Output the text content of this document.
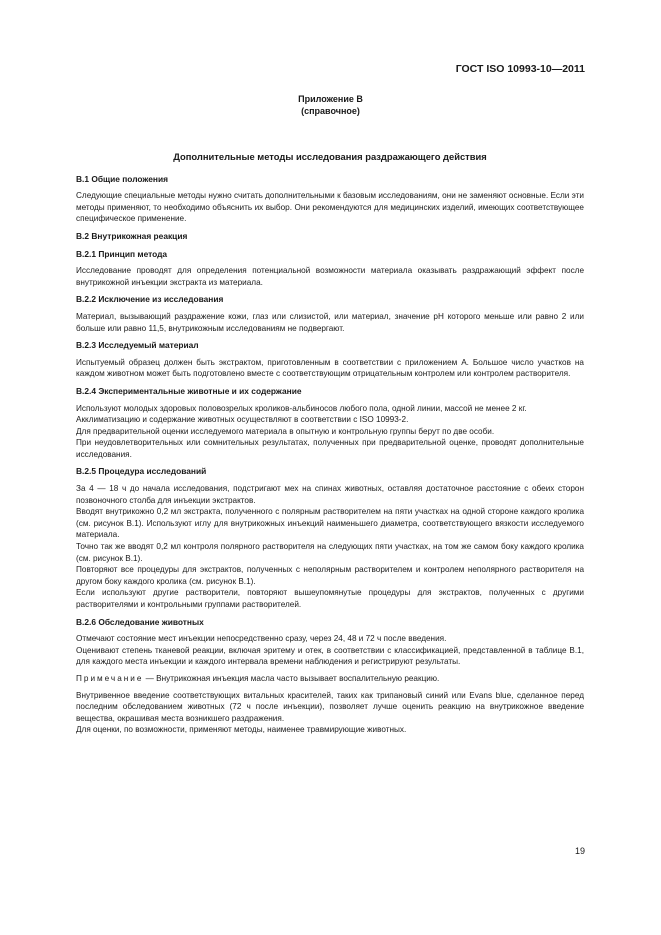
ГОСТ ISO 10993-10—2011
Приложение В
(справочное)
Дополнительные методы исследования раздражающего действия
В.1 Общие положения

Следующие специальные методы нужно считать дополнительными к базовым исследованиям, они не заменяют основные. Если эти методы применяют, то необходимо объяснить их выбор. Они рекомендуются для медицинских изделий, имеющих соответствующее специфическое применение.

В.2 Внутрикожная реакция
В.2.1 Принцип метода

Исследование проводят для определения потенциальной возможности материала оказывать раздражающий эффект после внутрикожной инъекции экстракта из материала.

В.2.2 Исключение из исследования

Материал, вызывающий раздражение кожи, глаз или слизистой, или материал, значение pH которого меньше или равно 2 или больше или равно 11,5, внутрикожным исследованиям не подвергают.

В.2.3 Исследуемый материал

Испытуемый образец должен быть экстрактом, приготовленным в соответствии с приложением А. Большое число участков на каждом животном может быть подготовлено вместе с соответствующим отрицательным контролем или контролем растворителя.

В.2.4 Экспериментальные животные и их содержание

Используют молодых здоровых половозрелых кроликов-альбиносов любого пола, одной линии, массой не менее 2 кг.

Акклиматизацию и содержание животных осуществляют в соответствии с ISO 10993-2.

Для предварительной оценки исследуемого материала в опытную и контрольную группы берут по две особи.

При неудовлетворительных или сомнительных результатах, полученных при предварительной оценке, проводят дополнительные исследования.

В.2.5 Процедура исследований

За 4 — 18 ч до начала исследования, подстригают мех на спинах животных, оставляя достаточное расстояние с обеих сторон позвоночного столба для инъекции экстрактов.

Вводят внутрикожно 0,2 мл экстракта, полученного с полярным растворителем на пяти участках на одной стороне каждого кролика (см. рисунок В.1). Используют иглу для внутрикожных инъекций наименьшего диаметра, соответствующего вязкости исследуемого материала.

Точно так же вводят 0,2 мл контроля полярного растворителя на следующих пяти участках, на том же самом боку каждого кролика (см. рисунок В.1).

Повторяют все процедуры для экстрактов, полученных с неполярным растворителем и контролем неполярного растворителя на другом боку каждого кролика (см. рисунок В.1).

Если используют другие растворители, повторяют вышеупомянутые процедуры для экстрактов, полученных с другими растворителями и контрольными группами растворителей.

В.2.6 Обследование животных

Отмечают состояние мест инъекции непосредственно сразу, через 24, 48 и 72 ч после введения.

Оценивают степень тканевой реакции, включая эритему и отек, в соответствии с классификацией, представленной в таблице В.1, для каждого места инъекции и каждого интервала времени наблюдения и регистрируют результаты.

Примечание — Внутрикожная инъекция масла часто вызывает воспалительную реакцию.

Внутривенное введение соответствующих витальных красителей, таких как трипановый синий или Evans blue, сделанное перед последним обследованием животных (72 ч после инъекции), позволяет лучше оценить реакцию на внутрикожное введение вещества, окрашивая места возникшего раздражения.

Для оценки, по возможности, применяют методы, наименее травмирующие животных.

19
